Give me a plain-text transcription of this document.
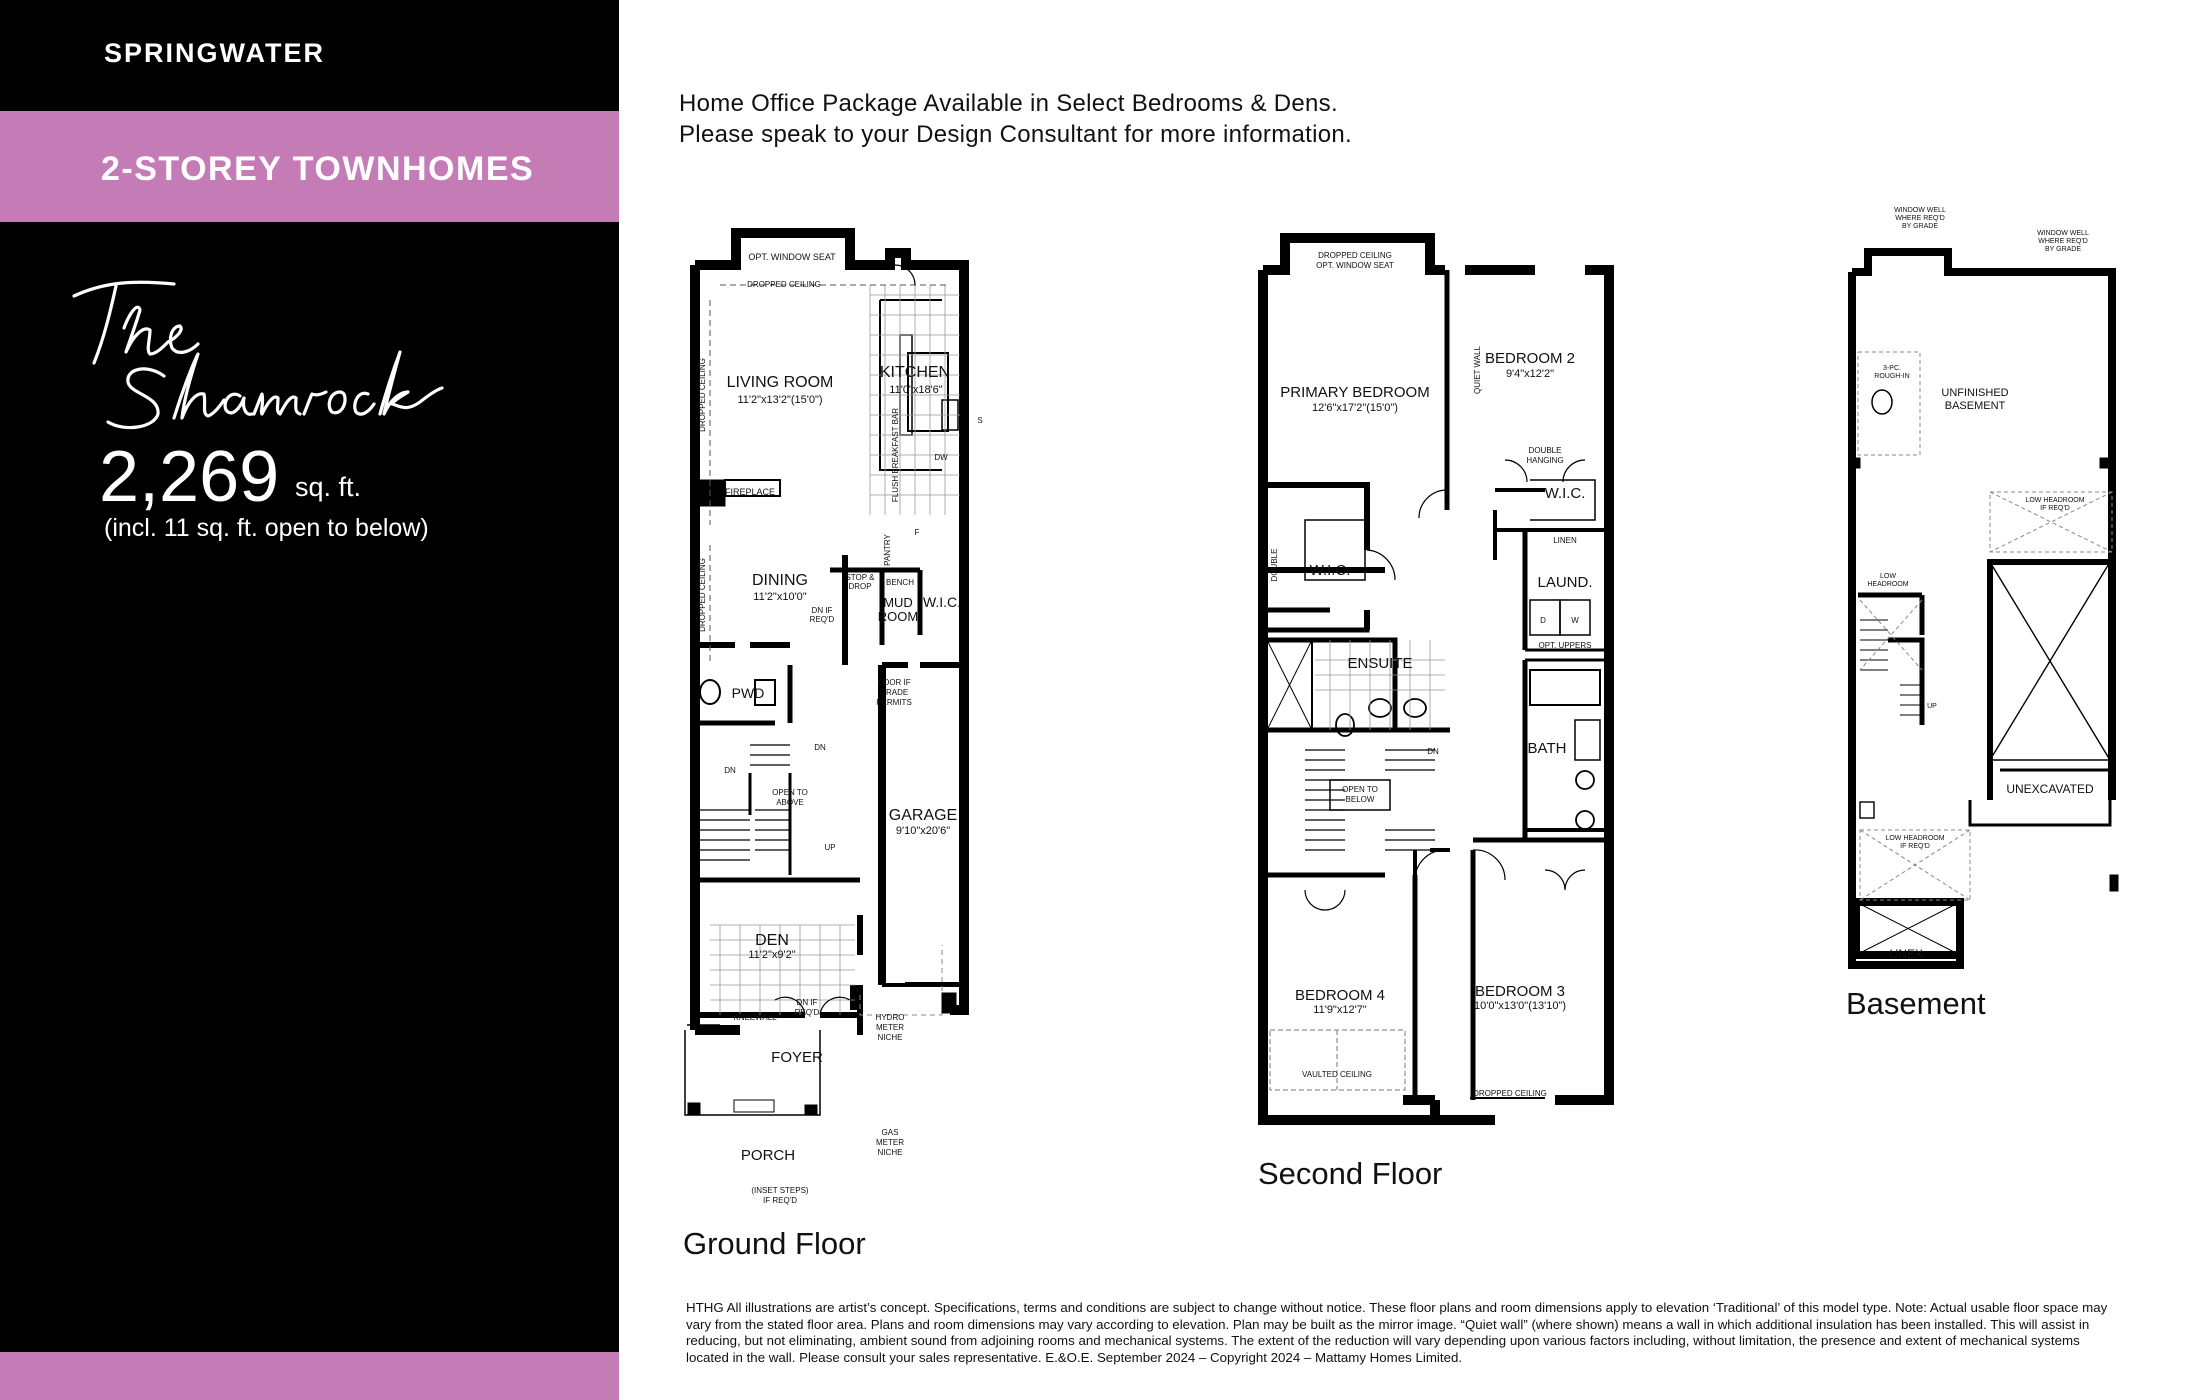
SPRINGWATER
2-STOREY TOWNHOMES
2,269 sq. ft.
(incl. 11 sq. ft. open to below)
Home Office Package Available in Select Bedrooms & Dens.
Please speak to your Design Consultant for more information.
OPT. WINDOW SEAT
DROPPED CEILING
LIVING ROOM
11'2"x13'2"(15'0")
KITCHEN
11'0"x18'6"
FLUSH BREAKFAST BAR	DW
S
F
PANTRY
FIREPLACE
DROPPED CEILING
DROPPED CEILING	DINING
11'2"x10'0"
STOP &
DROP BENCH
MUD
ROOM
W.I.C.
DN IF
REQ'D
DOOR IF
GRADE
PERMITS
PWD
DN
DN
UP
OPEN TO
ABOVE
GARAGE
9'10"x20'6"
DEN
11'2"x9'2"
KNEEWALL
DN IF
REQ'D
FOYER
HYDRO
METER
NICHE
GAS
METER
NICHE
PORCH
(INSET STEPS)
IF REQ'D
Ground Floor
DROPPED CEILING
OPT. WINDOW SEAT
PRIMARY BEDROOM
12'6"x17'2"(15'0")
BEDROOM 2
9'4"x12'2"
QUIET WALL
DOUBLE
HANGING
W.I.C.
LINEN
LAUND.
D	W
OPT. UPPERS
DOUBLE W.I.C.
ENSUITE
BATH
DN
OPEN TO
BELOW
BEDROOM 4
11'9"x12'7"
VAULTED CEILING
BEDROOM 3
10'0"x13'0"(13'10")
DROPPED CEILING
Second Floor
WINDOW WELL
WHERE REQ'D
BY GRADE
WINDOW WELL
WHERE REQ'D
BY GRADE
3-PC.
ROUGH-IN
UNFINISHED
BASEMENT
LOW HEADROOM
IF REQ'D
LOW
HEADROOM
UP
UNEXCAVATED
LOW HEADROOM
IF REQ'D
UNEX.
Basement
HTHG All illustrations are artist’s concept. Specifications, terms and conditions are subject to change without notice. These floor plans and room dimensions apply to elevation ‘Traditional’ of this model type. Note: Actual usable floor space may vary from the stated floor area. Plans and room dimensions may vary according to elevation. Plan may be built as the mirror image. “Quiet wall” (where shown) means a wall in which additional insulation has been installed. This will assist in reducing, but not eliminating, ambient sound from adjoining rooms and mechanical systems. The extent of the reduction will vary depending upon various factors including, without limitation, the presence and extent of mechanical systems located in the wall. Please consult your sales representative. E.&O.E. September 2024 – Copyright 2024 – Mattamy Homes Limited.
